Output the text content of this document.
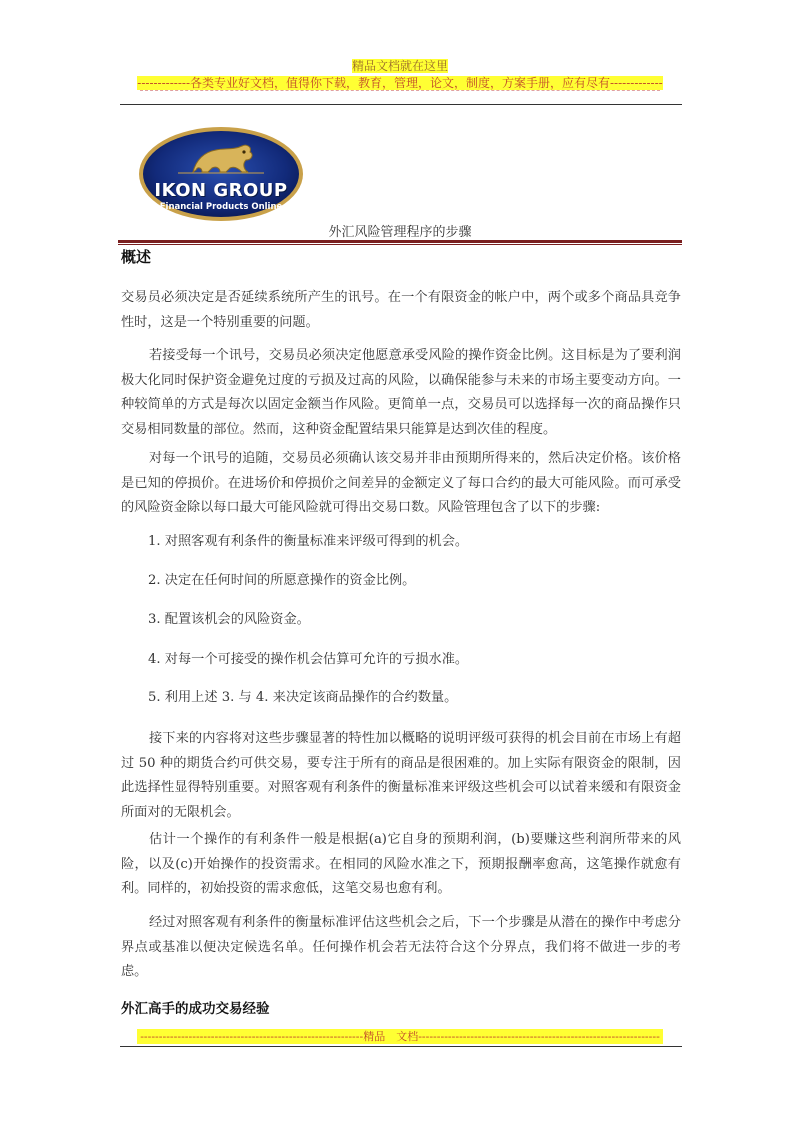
精品文档就在这里
-------------各类专业好文档，值得你下载，教育，管理，论文，制度，方案手册，应有尽有-------------
IKON GROUP
Financial Products Online
外汇风险管理程序的步骤
概述
交易员必须决定是否延续系统所产生的讯号。在一个有限资金的帐户中，两个或多个商品具竞争性时，这是一个特别重要的问题。
若接受每一个讯号，交易员必须决定他愿意承受风险的操作资金比例。这目标是为了要利润极大化同时保护资金避免过度的亏损及过高的风险，以确保能参与未来的市场主要变动方向。一种较简单的方式是每次以固定金额当作风险。更简单一点，交易员可以选择每一次的商品操作只交易相同数量的部位。然而，这种资金配置结果只能算是达到次佳的程度。
对每一个讯号的追随，交易员必须确认该交易并非由预期所得来的，然后决定价格。该价格是已知的停损价。在进场价和停损价之间差异的金额定义了每口合约的最大可能风险。而可承受的风险资金除以每口最大可能风险就可得出交易口数。风险管理包含了以下的步骤:
1. 对照客观有利条件的衡量标准来评级可得到的机会。
2. 决定在任何时间的所愿意操作的资金比例。
3. 配置该机会的风险资金。
4. 对每一个可接受的操作机会估算可允许的亏损水准。
5. 利用上述 3. 与 4. 来决定该商品操作的合约数量。
接下来的内容将对这些步骤显著的特性加以概略的说明评级可获得的机会目前在市场上有超过 50 种的期货合约可供交易，要专注于所有的商品是很困难的。加上实际有限资金的限制，因此选择性显得特别重要。对照客观有利条件的衡量标准来评级这些机会可以试着来缓和有限资金所面对的无限机会。
估计一个操作的有利条件一般是根据(a)它自身的预期利润，(b)要赚这些利润所带来的风险，以及(c)开始操作的投资需求。在相同的风险水准之下，预期报酬率愈高，这笔操作就愈有利。同样的，初始投资的需求愈低，这笔交易也愈有利。
经过对照客观有利条件的衡量标准评估这些机会之后，下一个步骤是从潜在的操作中考虑分界点或基准以便决定候选名单。任何操作机会若无法符合这个分界点，我们将不做进一步的考虑。
外汇高手的成功交易经验
------------------------------------------------------------精品　文档-----------------------------------------------------------------
